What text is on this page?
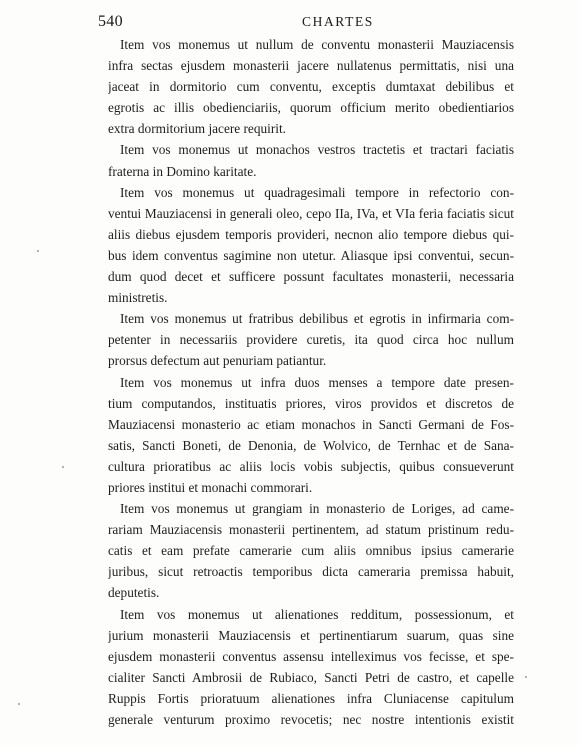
540	CHARTES
Item vos monemus ut nullum de conventu monasterii Mauziacensis
infra sectas ejusdem monasterii jacere nullatenus permittatis, nisi una
jaceat in dormitorio cum conventu, exceptis dumtaxat debilibus et
egrotis ac illis obedienciariis, quorum officium merito obedientiarios
extra dormitorium jacere requirit.
Item vos monemus ut monachos vestros tractetis et tractari faciatis
fraterna in Domino karitate.
Item vos monemus ut quadragesimali tempore in refectorio con-
ventui Mauziacensi in generali oleo, cepo IIa, IVa, et VIa feria faciatis sicut
aliis diebus ejusdem temporis provideri, necnon alio tempore diebus qui-
bus idem conventus sagimine non utetur. Aliasque ipsi conventui, secun-
dum quod decet et sufficere possunt facultates monasterii, necessaria
ministretis.
Item vos monemus ut fratribus debilibus et egrotis in infirmaria com-
petenter in necessariis providere curetis, ita quod circa hoc nullum
prorsus defectum aut penuriam patiantur.
Item vos monemus ut infra duos menses a tempore date presen-
tium computandos, instituatis priores, viros providos et discretos de
Mauziacensi monasterio ac etiam monachos in Sancti Germani de Fos-
satis, Sancti Boneti, de Denonia, de Wolvico, de Ternhac et de Sana-
cultura prioratibus ac aliis locis vobis subjectis, quibus consueverunt
priores institui et monachi commorari.
Item vos monemus ut grangiam in monasterio de Loriges, ad came-
rariam Mauziacensis monasterii pertinentem, ad statum pristinum redu-
catis et eam prefate camerarie cum aliis omnibus ipsius camerarie
juribus, sicut retroactis temporibus dicta cameraria premissa habuit,
deputetis.
Item vos monemus ut alienationes redditum, possessionum, et
jurium monasterii Mauziacensis et pertinentiarum suarum, quas sine
ejusdem monasterii conventus assensu intelleximus vos fecisse, et spe-
cialiter Sancti Ambrosii de Rubiaco, Sancti Petri de castro, et capelle
Ruppis Fortis prioratuum alienationes infra Cluniacense capitulum
generale venturum proximo revocetis; nec nostre intentionis existit
